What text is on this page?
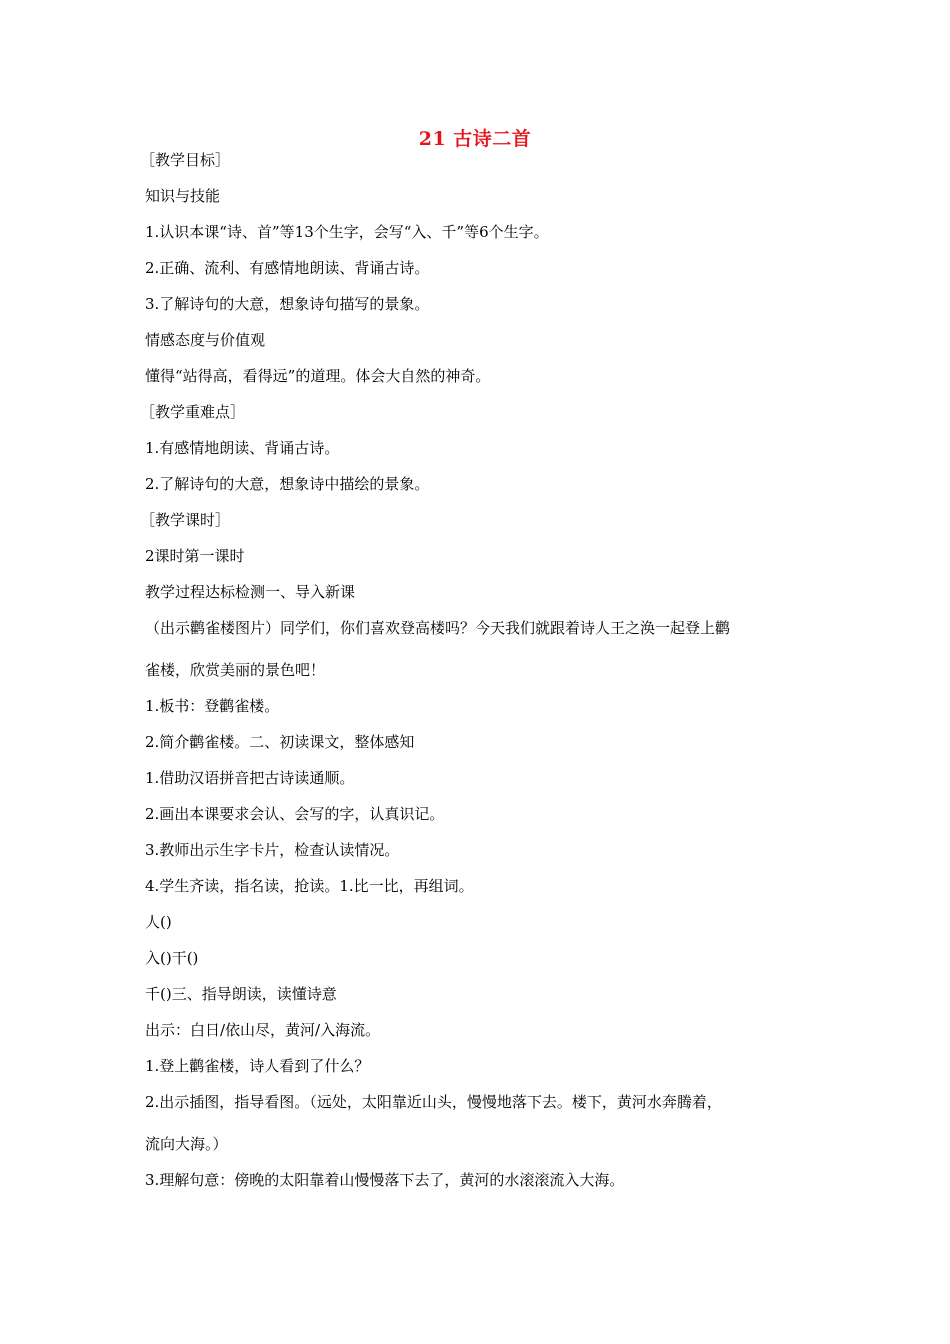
21 古诗二首
［教学目标］
知识与技能
1.认识本课“诗、首”等13个生字，会写“入、千”等6个生字。
2.正确、流利、有感情地朗读、背诵古诗。
3.了解诗句的大意，想象诗句描写的景象。
情感态度与价值观
懂得“站得高，看得远”的道理。体会大自然的神奇。
［教学重难点］
1.有感情地朗读、背诵古诗。
2.了解诗句的大意，想象诗中描绘的景象。
［教学课时］
2课时第一课时
教学过程达标检测一、导入新课
（出示鹳雀楼图片）同学们，你们喜欢登高楼吗？今天我们就跟着诗人王之涣一起登上鹳
雀楼，欣赏美丽的景色吧！
1.板书：登鹳雀楼。
2.简介鹳雀楼。二、初读课文，整体感知
1.借助汉语拼音把古诗读通顺。
2.画出本课要求会认、会写的字，认真识记。
3.教师出示生字卡片，检查认读情况。
4.学生齐读，指名读，抢读。1.比一比，再组词。
人()
入()干()
千()三、指导朗读，读懂诗意
出示：白日/依山尽，黄河/入海流。
1.登上鹳雀楼，诗人看到了什么？
2.出示插图，指导看图。（远处，太阳靠近山头，慢慢地落下去。楼下，黄河水奔腾着，
流向大海。）
3.理解句意：傍晚的太阳靠着山慢慢落下去了，黄河的水滚滚流入大海。
